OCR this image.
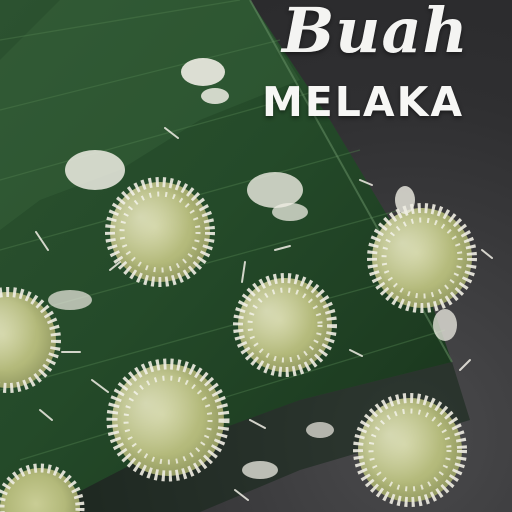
Buah

MELAKA
